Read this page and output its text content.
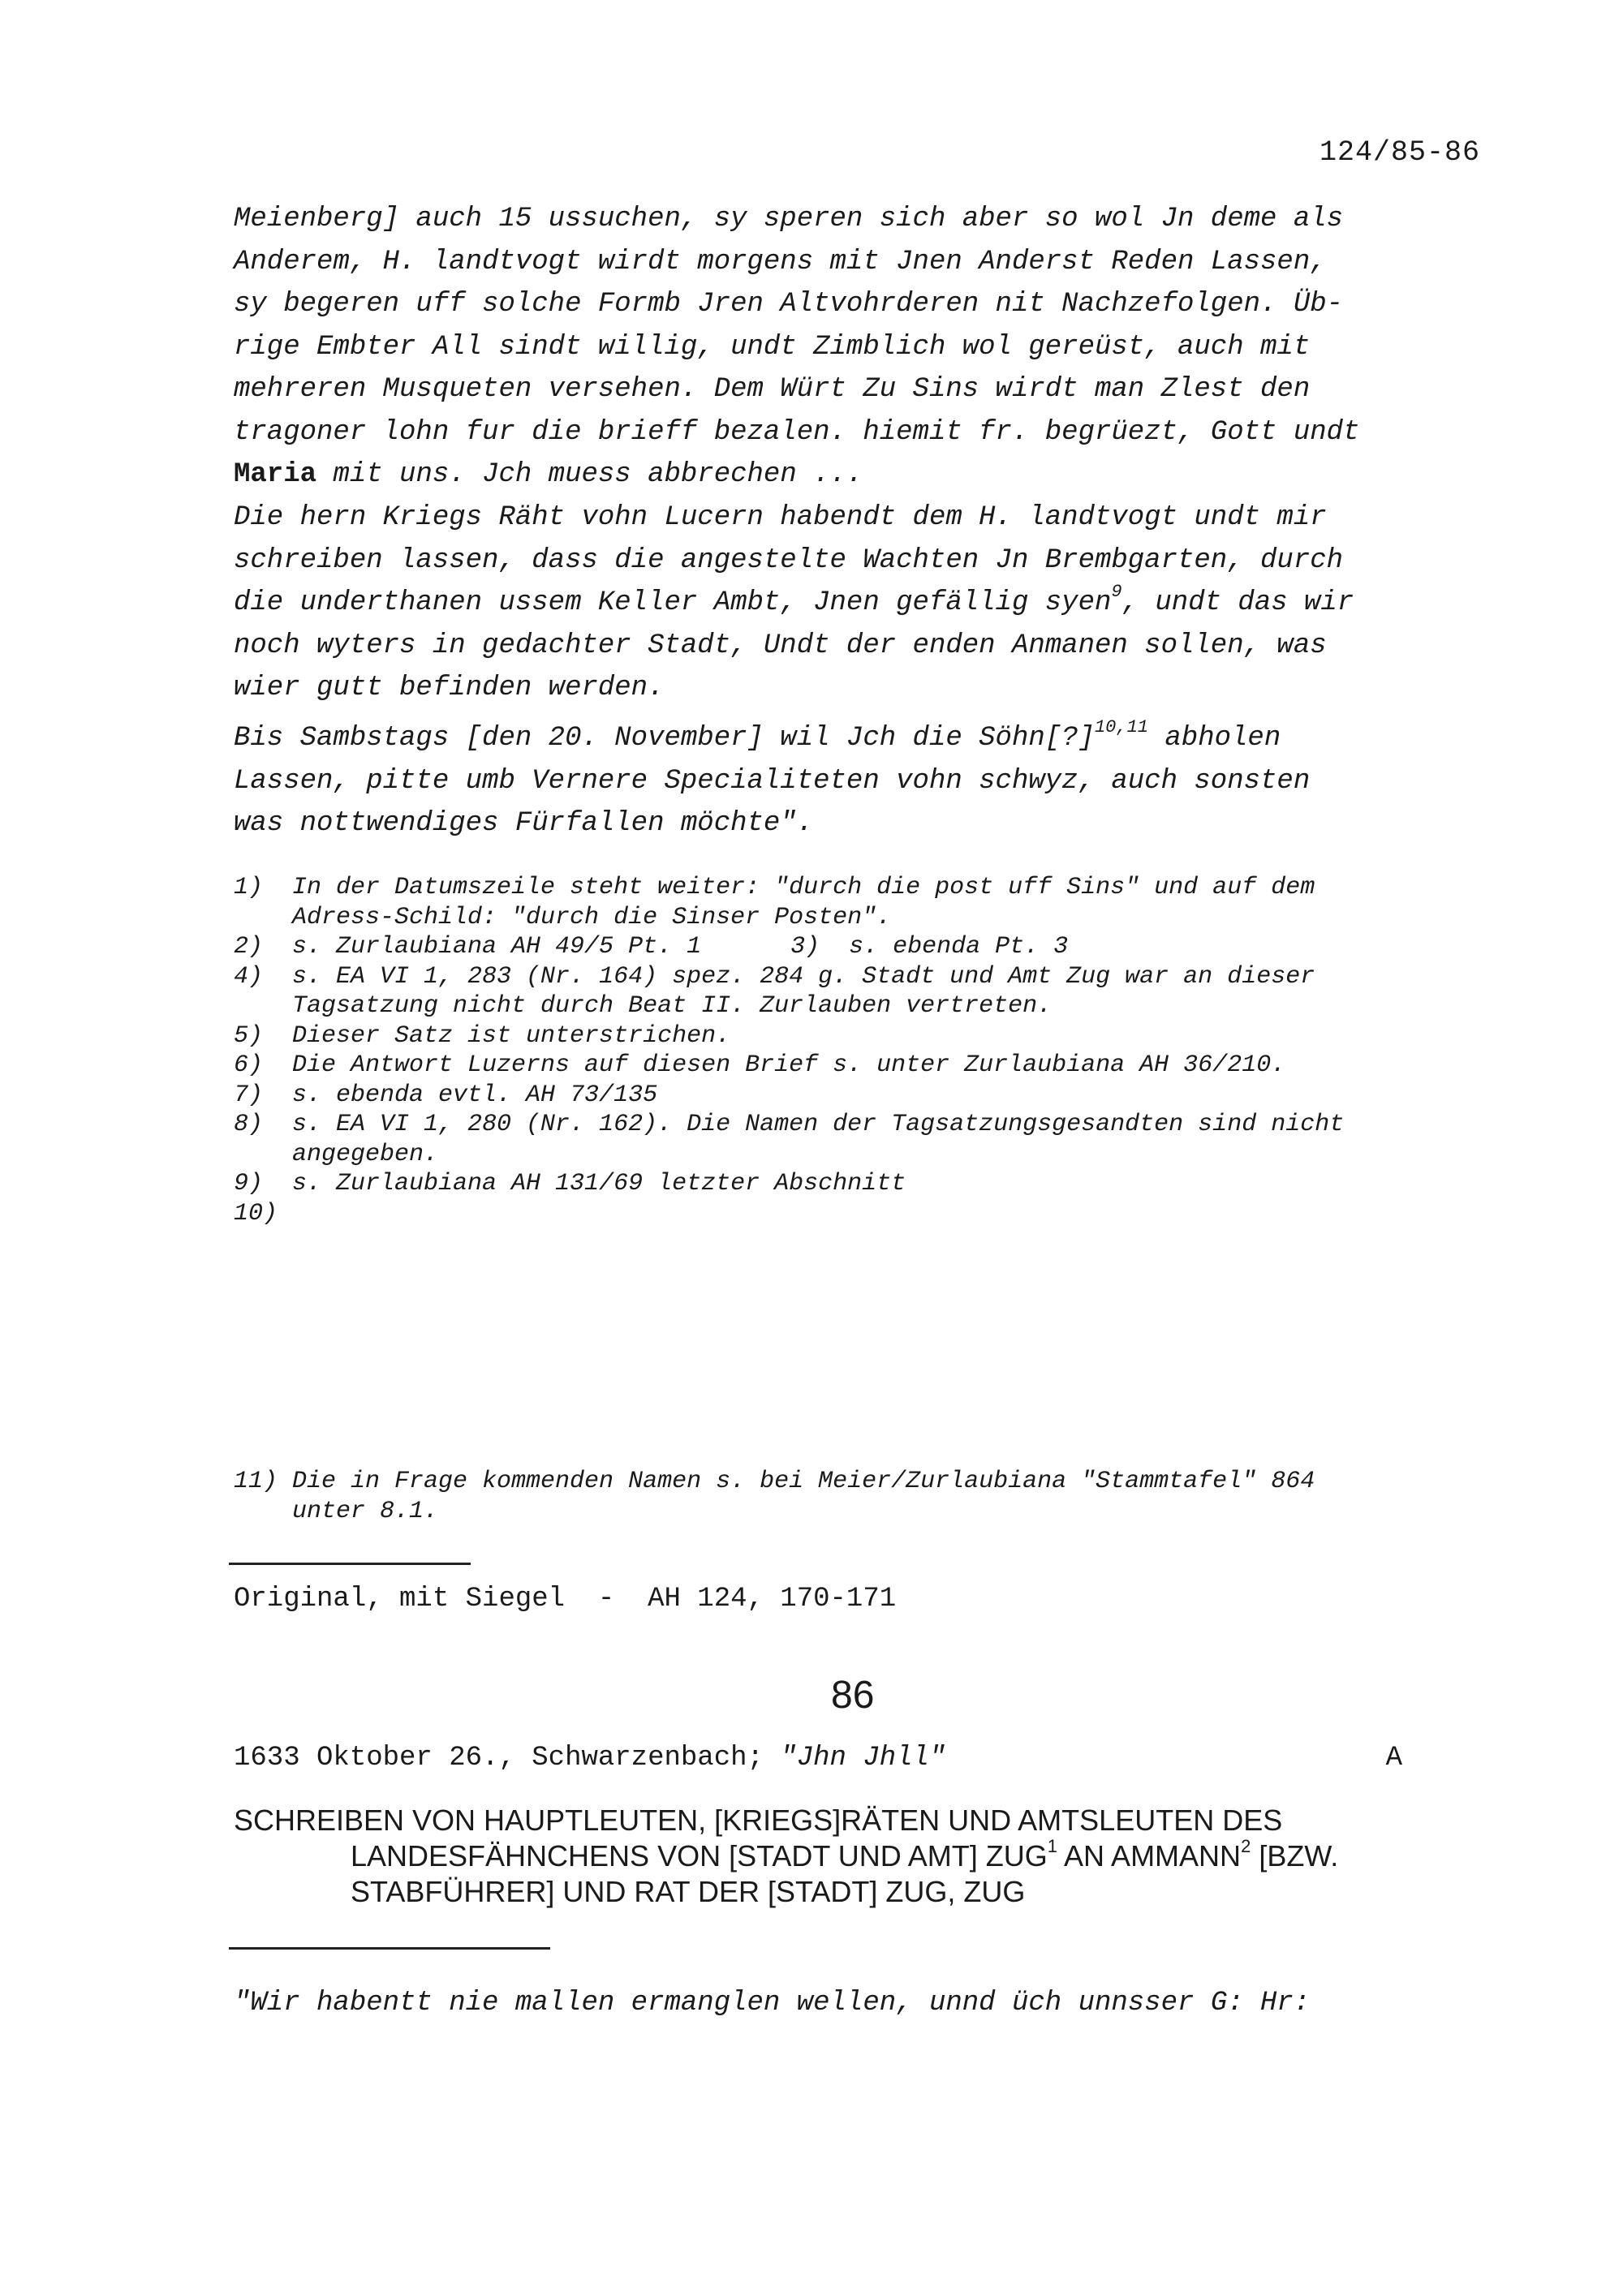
124/85-86

Meienberg] auch 15 ussuchen, sy speren sich aber so wol Jn deme als

Anderem, H. landtvogt wirdt morgens mit Jnen Anderst Reden Lassen,

sy begeren uff solche Formb Jren Altvohrderen nit Nachzefolgen. Üb-

rige Embter All sindt willig, undt Zimblich wol gereüst, auch mit

mehreren Musqueten versehen. Dem Würt Zu Sins wirdt man Zlest den

tragoner lohn fur die brieff bezalen. hiemit fr. begrüezt, Gott undt

Maria mit uns. Jch muess abbrechen ...

Die hern Kriegs Räht vohn Lucern habendt dem H. landtvogt undt mir

schreiben lassen, dass die angestelte Wachten Jn Brembgarten, durch

die underthanen ussem Keller Ambt, Jnen gefällig syen$^9$, undt das wir

noch wyters in gedachter Stadt, Undt der enden Anmanen sollen, was

wier gutt befinden werden.

Bis Sambstags [den 20. November] wil Jch die Söhn[?]$^{10,11}$ abholen

Lassen, pitte umb Vernere Specialiteten vohn schwyz, auch sonsten

was nottwendiges Fürfallen möchte".

1)	In der Datumszeile steht weiter: "durch die post uff Sins" und auf dem
Adress-Schild: "durch die Sinser Posten".
2)	s. Zurlaubiana AH 49/5 Pt. 1	3) s. ebenda Pt. 3
4)	s. EA VI 1, 283 (Nr. 164) spez. 284 g. Stadt und Amt Zug war an dieser
Tagsatzung nicht durch Beat II. Zurlauben vertreten.
5)	Dieser Satz ist unterstrichen.
6)	Die Antwort Luzerns auf diesen Brief s. unter Zurlaubiana AH 36/210.
7)	s. ebenda evtl. AH 73/135
8)	s. EA VI 1, 280 (Nr. 162). Die Namen der Tagsatzungsgesandten sind nicht
angegeben.
9)	s. Zurlaubiana AH 131/69 letzter Abschnitt
10)
11) Die in Frage kommenden Namen s. bei Meier/Zurlaubiana "Stammtafel" 864
unter 8.1.
Original, mit Siegel  -  AH 124, 170-171
86
1633 Oktober 26., Schwarzenbach; "Jhn Jhll"	A
SCHREIBEN VON HAUPTLEUTEN, [KRIEGS]RÄTEN UND AMTSLEUTEN DES
LANDESFÄHNCHENS VON [STADT UND AMT] ZUG$^1$ AN AMMANN$^2$ [BZW.
STABFÜHRER] UND RAT DER [STADT] ZUG, ZUG
"Wir habentt nie mallen ermanglen wellen, unnd üch unnsser G: Hr:
